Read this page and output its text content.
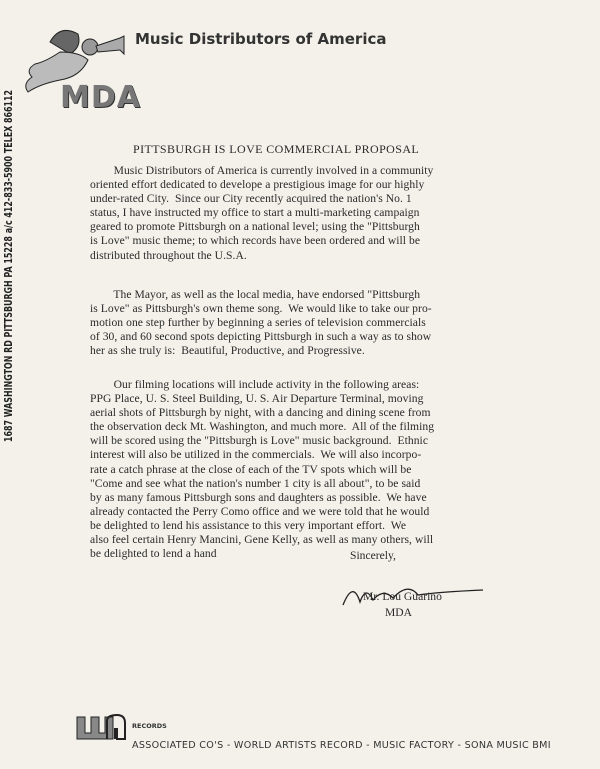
MDA
Music Distributors of America
1687 WASHINGTON RD PITTSBURGH PA 15228 a/c 412-833-5900 TELEX 866112	PITTSBURGH IS LOVE COMMERCIAL PROPOSAL
Music Distributors of America is currently involved in a community
oriented effort dedicated to develope a prestigious image for our highly
under-rated City.  Since our City recently acquired the nation's No. 1
status, I have instructed my office to start a multi-marketing campaign
geared to promote Pittsburgh on a national level; using the "Pittsburgh
is Love" music theme; to which records have been ordered and will be
distributed throughout the U.S.A.
The Mayor, as well as the local media, have endorsed "Pittsburgh
is Love" as Pittsburgh's own theme song.  We would like to take our pro-
motion one step further by beginning a series of television commercials
of 30, and 60 second spots depicting Pittsburgh in such a way as to show
her as she truly is:  Beautiful, Productive, and Progressive.
Our filming locations will include activity in the following areas:
PPG Place, U. S. Steel Building, U. S. Air Departure Terminal, moving
aerial shots of Pittsburgh by night, with a dancing and dining scene from
the observation deck Mt. Washington, and much more.  All of the filming
will be scored using the "Pittsburgh is Love" music background.  Ethnic
interest will also be utilized in the commercials.  We will also incorpo-
rate a catch phrase at the close of each of the TV spots which will be
"Come and see what the nation's number 1 city is all about", to be said
by as many famous Pittsburgh sons and daughters as possible.  We have
already contacted the Perry Como office and we were told that he would
be delighted to lend his assistance to this very important effort.  We
also feel certain Henry Mancini, Gene Kelly, as well as many others, will
be delighted to lend a hand	Sincerely,
Mr. Lou Guarino
MDA
RECORDS
ASSOCIATED CO'S - WORLD ARTISTS RECORD - MUSIC FACTORY - SONA MUSIC BMI
